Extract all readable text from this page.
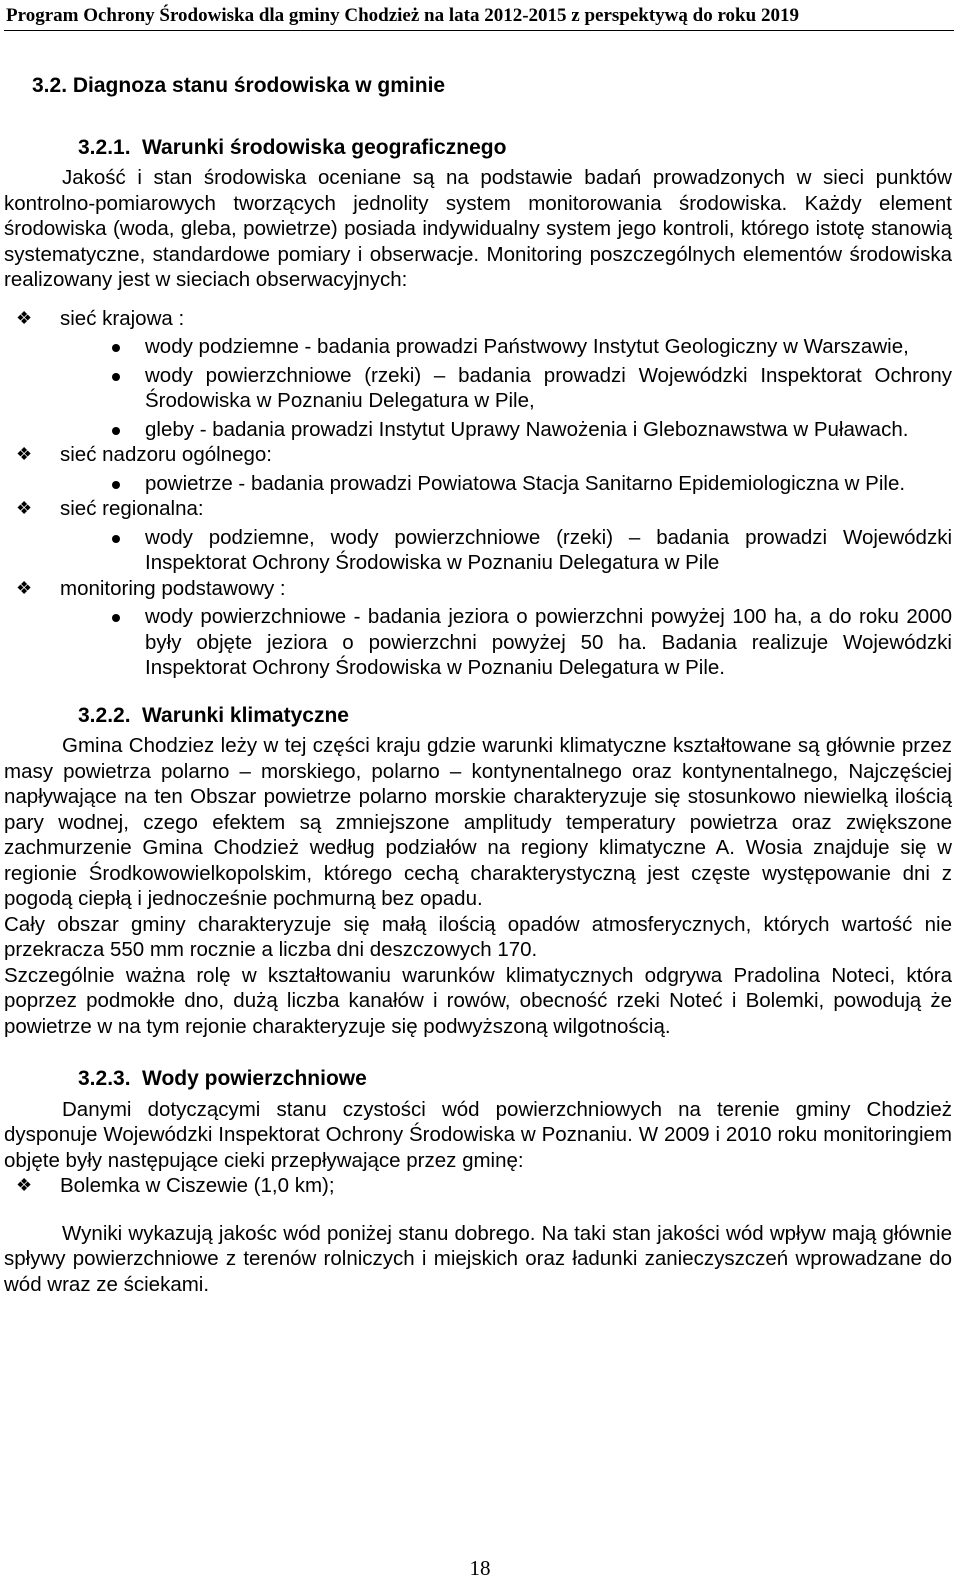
Program Ochrony Środowiska dla gminy Chodzież na lata 2012-2015 z perspektywą do roku 2019
3.2. Diagnoza stanu środowiska w gminie
3.2.1. Warunki środowiska geograficznego
Jakość i stan środowiska oceniane są na podstawie badań prowadzonych w sieci punktów kontrolno-pomiarowych tworzących jednolity system monitorowania środowiska. Każdy element środowiska (woda, gleba, powietrze) posiada indywidualny system jego kontroli, którego istotę stanowią systematyczne, standardowe pomiary i obserwacje. Monitoring poszczególnych elementów środowiska realizowany jest w sieciach obserwacyjnych:
❖ sieć krajowa :
wody podziemne - badania prowadzi Państwowy Instytut Geologiczny w Warszawie,
wody powierzchniowe (rzeki) – badania prowadzi Wojewódzki Inspektorat Ochrony Środowiska w Poznaniu Delegatura w Pile,
gleby - badania prowadzi Instytut Uprawy Nawożenia i Gleboznawstwa w Puławach.
❖ sieć nadzoru ogólnego:
powietrze - badania prowadzi Powiatowa Stacja Sanitarno Epidemiologiczna w Pile.
❖ sieć regionalna:
wody podziemne, wody powierzchniowe (rzeki) – badania prowadzi Wojewódzki Inspektorat Ochrony Środowiska w Poznaniu Delegatura w Pile
❖ monitoring podstawowy :
wody powierzchniowe - badania jeziora o powierzchni powyżej 100 ha, a do roku 2000 były objęte jeziora o powierzchni powyżej 50 ha. Badania realizuje Wojewódzki Inspektorat Ochrony Środowiska w Poznaniu Delegatura w Pile.
3.2.2. Warunki klimatyczne
Gmina Chodziez leży w tej części kraju gdzie warunki klimatyczne kształtowane są głównie przez masy powietrza polarno – morskiego, polarno – kontynentalnego oraz kontynentalnego, Najczęściej napływające na ten Obszar powietrze polarno morskie charakteryzuje się stosunkowo niewielką ilością pary wodnej, czego efektem są zmniejszone amplitudy temperatury powietrza oraz zwiększone zachmurzenie Gmina Chodzież według podziałów na regiony klimatyczne A. Wosia znajduje się w regionie Środkowowielkopolskim, którego cechą charakterystyczną jest częste występowanie dni z pogodą ciepłą i jednocześnie pochmurną bez opadu.
Cały obszar gminy charakteryzuje się małą ilością opadów atmosferycznych, których wartość nie przekracza 550 mm rocznie a liczba dni deszczowych 170.
Szczególnie ważna rolę w kształtowaniu warunków klimatycznych odgrywa Pradolina Noteci, która poprzez podmokłe dno, dużą liczba kanałów i rowów, obecność rzeki Noteć i Bolemki, powodują że powietrze w na tym rejonie charakteryzuje się podwyższoną wilgotnością.
3.2.3. Wody powierzchniowe
Danymi dotyczącymi stanu czystości wód powierzchniowych na terenie gminy Chodzież dysponuje Wojewódzki Inspektorat Ochrony Środowiska w Poznaniu. W 2009 i 2010 roku monitoringiem objęte były następujące cieki przepływające przez gminę:
❖ Bolemka w Ciszewie (1,0 km);
Wyniki wykazują jakośc wód poniżej stanu dobrego. Na taki stan jakości wód wpływ mają głównie spływy powierzchniowe z terenów rolniczych i miejskich oraz ładunki zanieczyszczeń wprowadzane do wód wraz ze ściekami.
18
